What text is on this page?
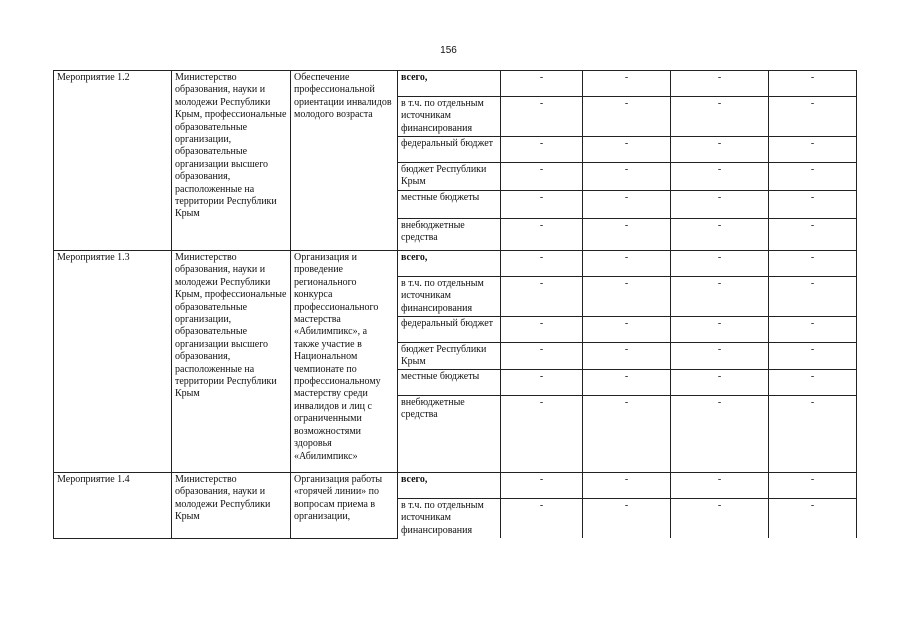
156
Мероприятие 1.2	Министерство образования, науки и молодежи Республики Крым, профессиональные образовательные организации, образовательные организации высшего образования, расположенные на территории Республики Крым	Обеспечение профессиональной ориентации инвалидов молодого возраста	всего,	-	-	-	-
			в т.ч. по отдельным источникам финансирования	-	-	-	-
			федеральный бюджет	-	-	-	-
			бюджет Республики Крым	-	-	-	-
			местные бюджеты	-	-	-	-
			внебюджетные средства	-	-	-	-
Мероприятие 1.3	Министерство образования, науки и молодежи Республики Крым, профессиональные образовательные организации, образовательные организации высшего образования, расположенные на территории Республики Крым	Организация и проведение регионального конкурса профессионального мастерства «Абилимпикс», а также участие в Национальном чемпионате по профессиональному мастерству среди инвалидов и лиц с ограниченными возможностями здоровья «Абилимпикс»	всего,	-	-	-	-
			в т.ч. по отдельным источникам финансирования	-	-	-	-
			федеральный бюджет	-	-	-	-
			бюджет Республики Крым	-	-	-	-
			местные бюджеты	-	-	-	-
			внебюджетные средства	-	-	-	-
Мероприятие 1.4	Министерство образования, науки и молодежи Республики Крым	Организация работы «горячей линии» по вопросам приема в организации,	всего,	-	-	-	-
			в т.ч. по отдельным источникам финансирования	-	-	-	-
